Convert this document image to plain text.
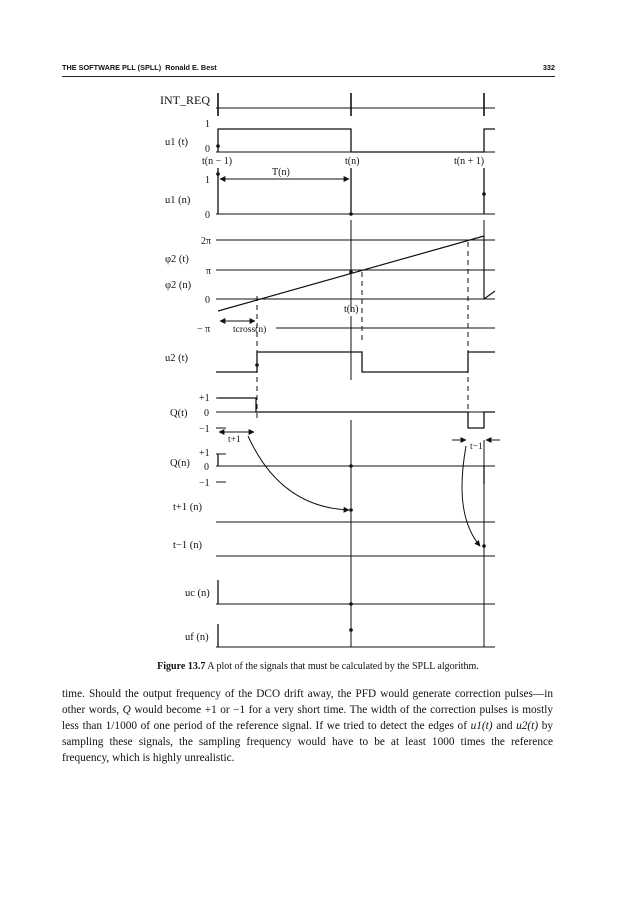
THE SOFTWARE PLL (SPLL) Ronald E. Best	332
INT_REQ
u1 (t)
u1 (n)
φ2 (t)
φ2 (n)
u2 (t)
Q(t)
Q(n)
t+1 (n)
t−1 (n)
uc (n)
uf (n)
1
0
1
0
2π
π
0
− π
+1
0
−1
+1
0
−1
t(n − 1)	t(n)	t(n + 1)
T(n)
t(n)
tcross(n)
t+1
t−1
Figure 13.7 A plot of the signals that must be calculated by the SPLL algorithm.
time. Should the output frequency of the DCO drift away, the PFD would generate correction pulses—in other words, Q would become +1 or −1 for a very short time. The width of the correction pulses is mostly less than 1/1000 of one period of the reference signal. If we tried to detect the edges of u1(t) and u2(t) by sampling these signals, the sampling frequency would have to be at least 1000 times the reference frequency, which is highly unrealistic.
